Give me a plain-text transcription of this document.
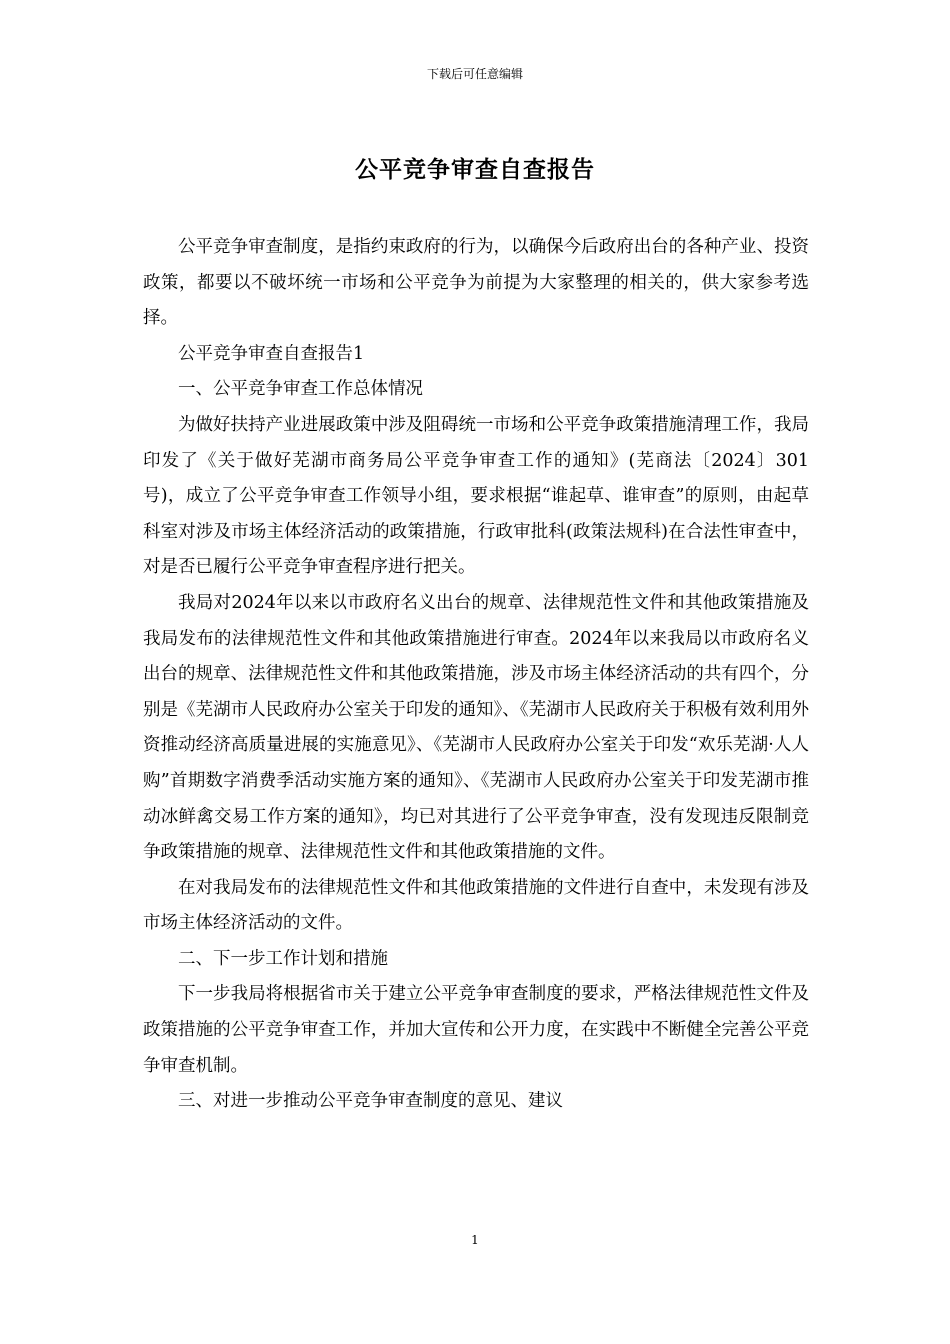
下载后可任意编辑
公平竞争审查自查报告

公平竞争审查制度，是指约束政府的行为，以确保今后政府出台的各种产业、投资政策，都要以不破坏统一市场和公平竞争为前提为大家整理的相关的，供大家参考选择。

公平竞争审查自查报告1

一、公平竞争审查工作总体情况

为做好扶持产业进展政策中涉及阻碍统一市场和公平竞争政策措施清理工作，我局印发了《关于做好芜湖市商务局公平竞争审查工作的通知》(芜商法〔2024〕301号)，成立了公平竞争审查工作领导小组，要求根据“谁起草、谁审查”的原则，由起草科室对涉及市场主体经济活动的政策措施，行政审批科(政策法规科)在合法性审查中，对是否已履行公平竞争审查程序进行把关。

我局对2024年以来以市政府名义出台的规章、法律规范性文件和其他政策措施及我局发布的法律规范性文件和其他政策措施进行审查。2024年以来我局以市政府名义出台的规章、法律规范性文件和其他政策措施，涉及市场主体经济活动的共有四个，分别是《芜湖市人民政府办公室关于印发的通知》、《芜湖市人民政府关于积极有效利用外资推动经济高质量进展的实施意见》、《芜湖市人民政府办公室关于印发“欢乐芜湖·人人购”首期数字消费季活动实施方案的通知》、《芜湖市人民政府办公室关于印发芜湖市推动冰鲜禽交易工作方案的通知》，均已对其进行了公平竞争审查，没有发现违反限制竞争政策措施的规章、法律规范性文件和其他政策措施的文件。

在对我局发布的法律规范性文件和其他政策措施的文件进行自查中，未发现有涉及市场主体经济活动的文件。

二、下一步工作计划和措施

下一步我局将根据省市关于建立公平竞争审查制度的要求，严格法律规范性文件及政策措施的公平竞争审查工作，并加大宣传和公开力度，在实践中不断健全完善公平竞争审查机制。

三、对进一步推动公平竞争审查制度的意见、建议

1
